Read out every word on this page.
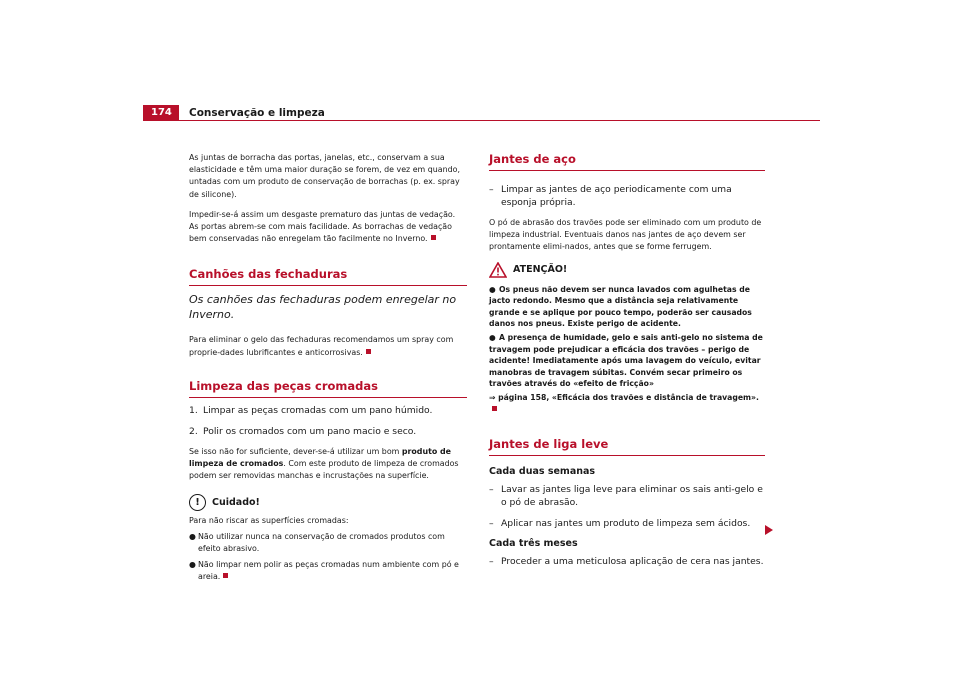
174	Conservação e limpeza

As juntas de borracha das portas, janelas, etc., conservam a sua elasticidade e têm uma maior duração se forem, de vez em quando, untadas com um produto de conservação de borrachas (p. ex. spray de silicone).

Impedir-se-á assim um desgaste prematuro das juntas de vedação. As portas abrem-se com mais facilidade. As borrachas de vedação bem conservadas não enregelam tão facilmente no Inverno.

Canhões das fechaduras
Os canhões das fechaduras podem enregelar no Inverno.

Para eliminar o gelo das fechaduras recomendamos um spray com proprie-dades lubrificantes e anticorrosivas.

Limpeza das peças cromadas
1. Limpar as peças cromadas com um pano húmido.
2. Polir os cromados com um pano macio e seco.

Se isso não for suficiente, dever-se-á utilizar um bom produto de limpeza de cromados. Com este produto de limpeza de cromados podem ser removidas manchas e incrustações na superfície.

!	Cuidado!

Para não riscar as superfícies cromadas:

● Não utilizar nunca na conservação de cromados produtos com efeito abrasivo.
● Não limpar nem polir as peças cromadas num ambiente com pó e areia.
Jantes de aço
– Limpar as jantes de aço periodicamente com uma esponja própria.

O pó de abrasão dos travões pode ser eliminado com um produto de limpeza industrial. Eventuais danos nas jantes de aço devem ser prontamente elimi-nados, antes que se forme ferrugem.

ATENÇÃO!

● Os pneus não devem ser nunca lavados com agulhetas de jacto redondo. Mesmo que a distância seja relativamente grande e se aplique por pouco tempo, poderão ser causados danos nos pneus. Existe perigo de acidente.

● A presença de humidade, gelo e sais anti-gelo no sistema de travagem pode prejudicar a eficácia dos travões – perigo de acidente! Imediatamente após uma lavagem do veículo, evitar manobras de travagem súbitas. Convém secar primeiro os travões através do «efeito de fricção»

⇒ página 158, «Eficácia dos travões e distância de travagem».

Jantes de liga leve
Cada duas semanas
– Lavar as jantes liga leve para eliminar os sais anti-gelo e o pó de abrasão.
– Aplicar nas jantes um produto de limpeza sem ácidos.
Cada três meses
– Proceder a uma meticulosa aplicação de cera nas jantes.
